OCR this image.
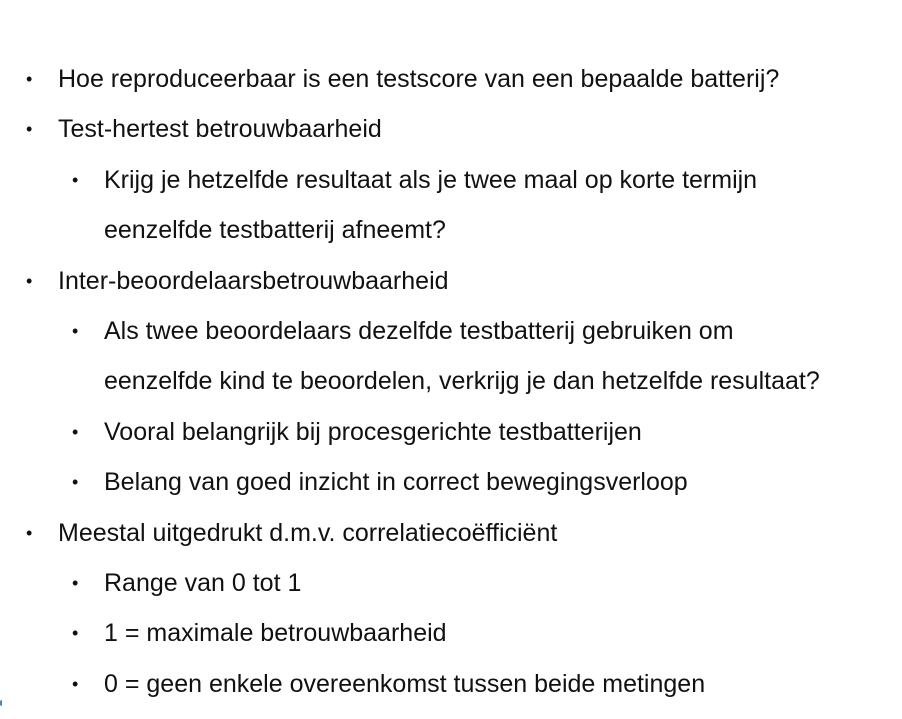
• Hoe reproduceerbaar is een testscore van een bepaalde batterij?
• Test-hertest betrouwbaarheid
• Krijg je hetzelfde resultaat als je twee maal op korte termijn
eenzelfde testbatterij afneemt?
• Inter-beoordelaarsbetrouwbaarheid
• Als twee beoordelaars dezelfde testbatterij gebruiken om
eenzelfde kind te beoordelen, verkrijg je dan hetzelfde resultaat?
• Vooral belangrijk bij procesgerichte testbatterijen
• Belang van goed inzicht in correct bewegingsverloop
• Meestal uitgedrukt d.m.v. correlatiecoëfficiënt
• Range van 0 tot 1
• 1 = maximale betrouwbaarheid
• 0 = geen enkele overeenkomst tussen beide metingen
